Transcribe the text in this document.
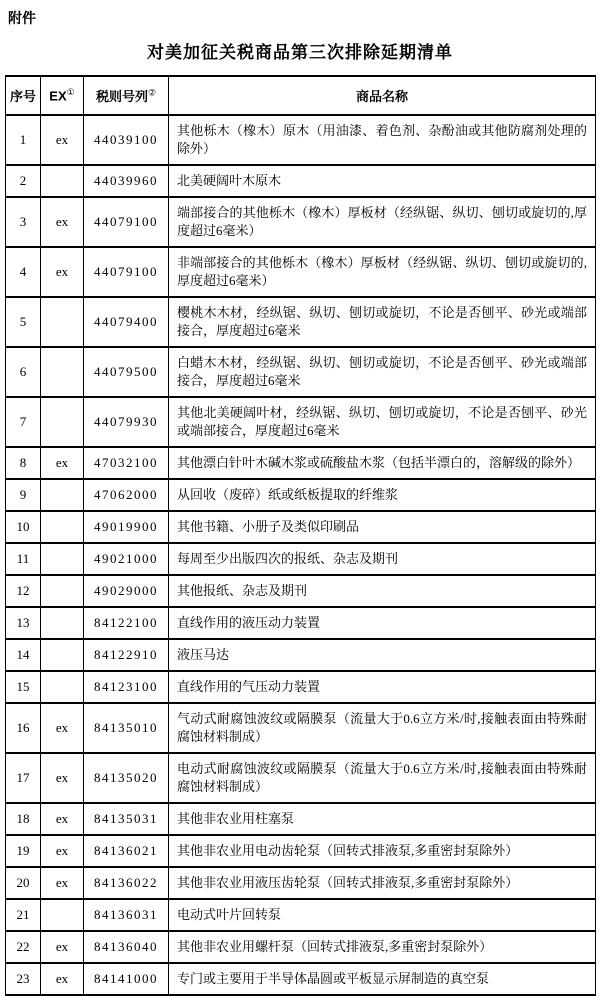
附件
对美加征关税商品第三次排除延期清单
序号	EX①	税则号列②	商品名称
1	ex	44039100	其他栎木（橡木）原木（用油漆、着色剂、杂酚油或其他防腐剂处理的除外）
2		44039960	北美硬阔叶木原木
3	ex	44079100	端部接合的其他栎木（橡木）厚板材（经纵锯、纵切、刨切或旋切的,厚度超过6毫米）
4	ex	44079100	非端部接合的其他栎木（橡木）厚板材（经纵锯、纵切、刨切或旋切的,厚度超过6毫米）
5		44079400	樱桃木木材，经纵锯、纵切、刨切或旋切，不论是否刨平、砂光或端部接合，厚度超过6毫米
6		44079500	白蜡木木材，经纵锯、纵切、刨切或旋切，不论是否刨平、砂光或端部接合，厚度超过6毫米
7		44079930	其他北美硬阔叶材，经纵锯、纵切、刨切或旋切，不论是否刨平、砂光或端部接合，厚度超过6毫米
8	ex	47032100	其他漂白针叶木碱木浆或硫酸盐木浆（包括半漂白的，溶解级的除外）
9		47062000	从回收（废碎）纸或纸板提取的纤维浆
10		49019900	其他书籍、小册子及类似印刷品
11		49021000	每周至少出版四次的报纸、杂志及期刊
12		49029000	其他报纸、杂志及期刊
13		84122100	直线作用的液压动力装置
14		84122910	液压马达
15		84123100	直线作用的气压动力装置
16	ex	84135010	气动式耐腐蚀波纹或隔膜泵（流量大于0.6立方米/时,接触表面由特殊耐腐蚀材料制成）
17	ex	84135020	电动式耐腐蚀波纹或隔膜泵（流量大于0.6立方米/时,接触表面由特殊耐腐蚀材料制成）
18	ex	84135031	其他非农业用柱塞泵
19	ex	84136021	其他非农业用电动齿轮泵（回转式排液泵,多重密封泵除外）
20	ex	84136022	其他非农业用液压齿轮泵（回转式排液泵,多重密封泵除外）
21		84136031	电动式叶片回转泵
22	ex	84136040	其他非农业用螺杆泵（回转式排液泵,多重密封泵除外）
23	ex	84141000	专门或主要用于半导体晶圆或平板显示屏制造的真空泵
